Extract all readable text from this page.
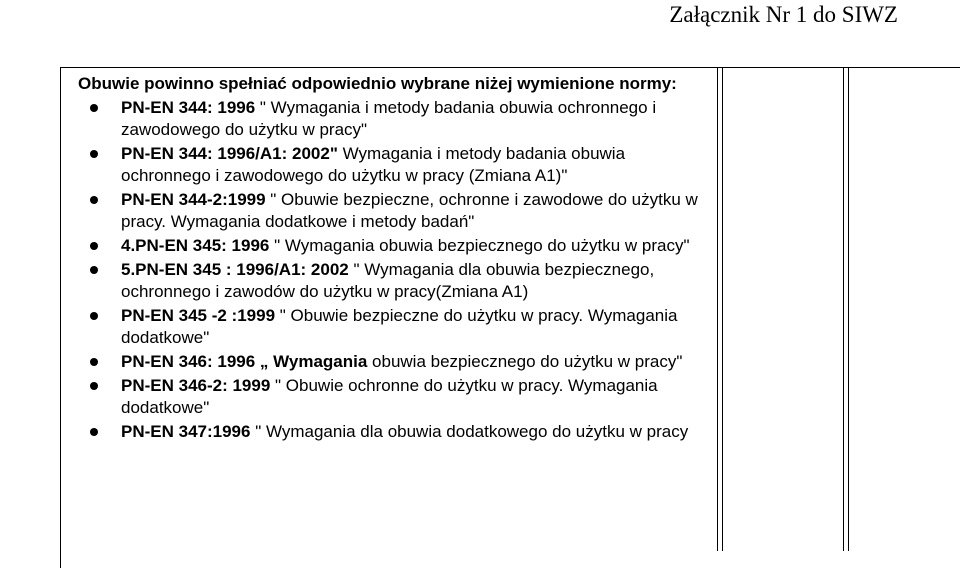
Załącznik Nr 1 do SIWZ

Obuwie powinno spełniać odpowiednio wybrane niżej wymienione normy:

PN-EN 344: 1996 " Wymagania i metody badania obuwia ochronnego i zawodowego do użytku w pracy"
PN-EN 344: 1996/A1: 2002" Wymagania i metody badania obuwia ochronnego i zawodowego do użytku w pracy (Zmiana A1)"
PN-EN 344-2:1999 " Obuwie bezpieczne, ochronne i zawodowe do użytku w pracy. Wymagania dodatkowe i metody badań"
4.PN-EN 345: 1996 " Wymagania obuwia bezpiecznego do użytku w pracy"
5.PN-EN 345 : 1996/A1: 2002 " Wymagania dla obuwia bezpiecznego, ochronnego i zawodów do użytku w pracy(Zmiana A1)
PN-EN 345 -2 :1999 " Obuwie bezpieczne do użytku w pracy. Wymagania dodatkowe"
PN-EN 346: 1996 „ Wymagania obuwia bezpiecznego do użytku w pracy"
PN-EN 346-2: 1999 " Obuwie ochronne do użytku w pracy. Wymagania dodatkowe"
PN-EN 347:1996 " Wymagania dla obuwia dodatkowego do użytku w pracy
